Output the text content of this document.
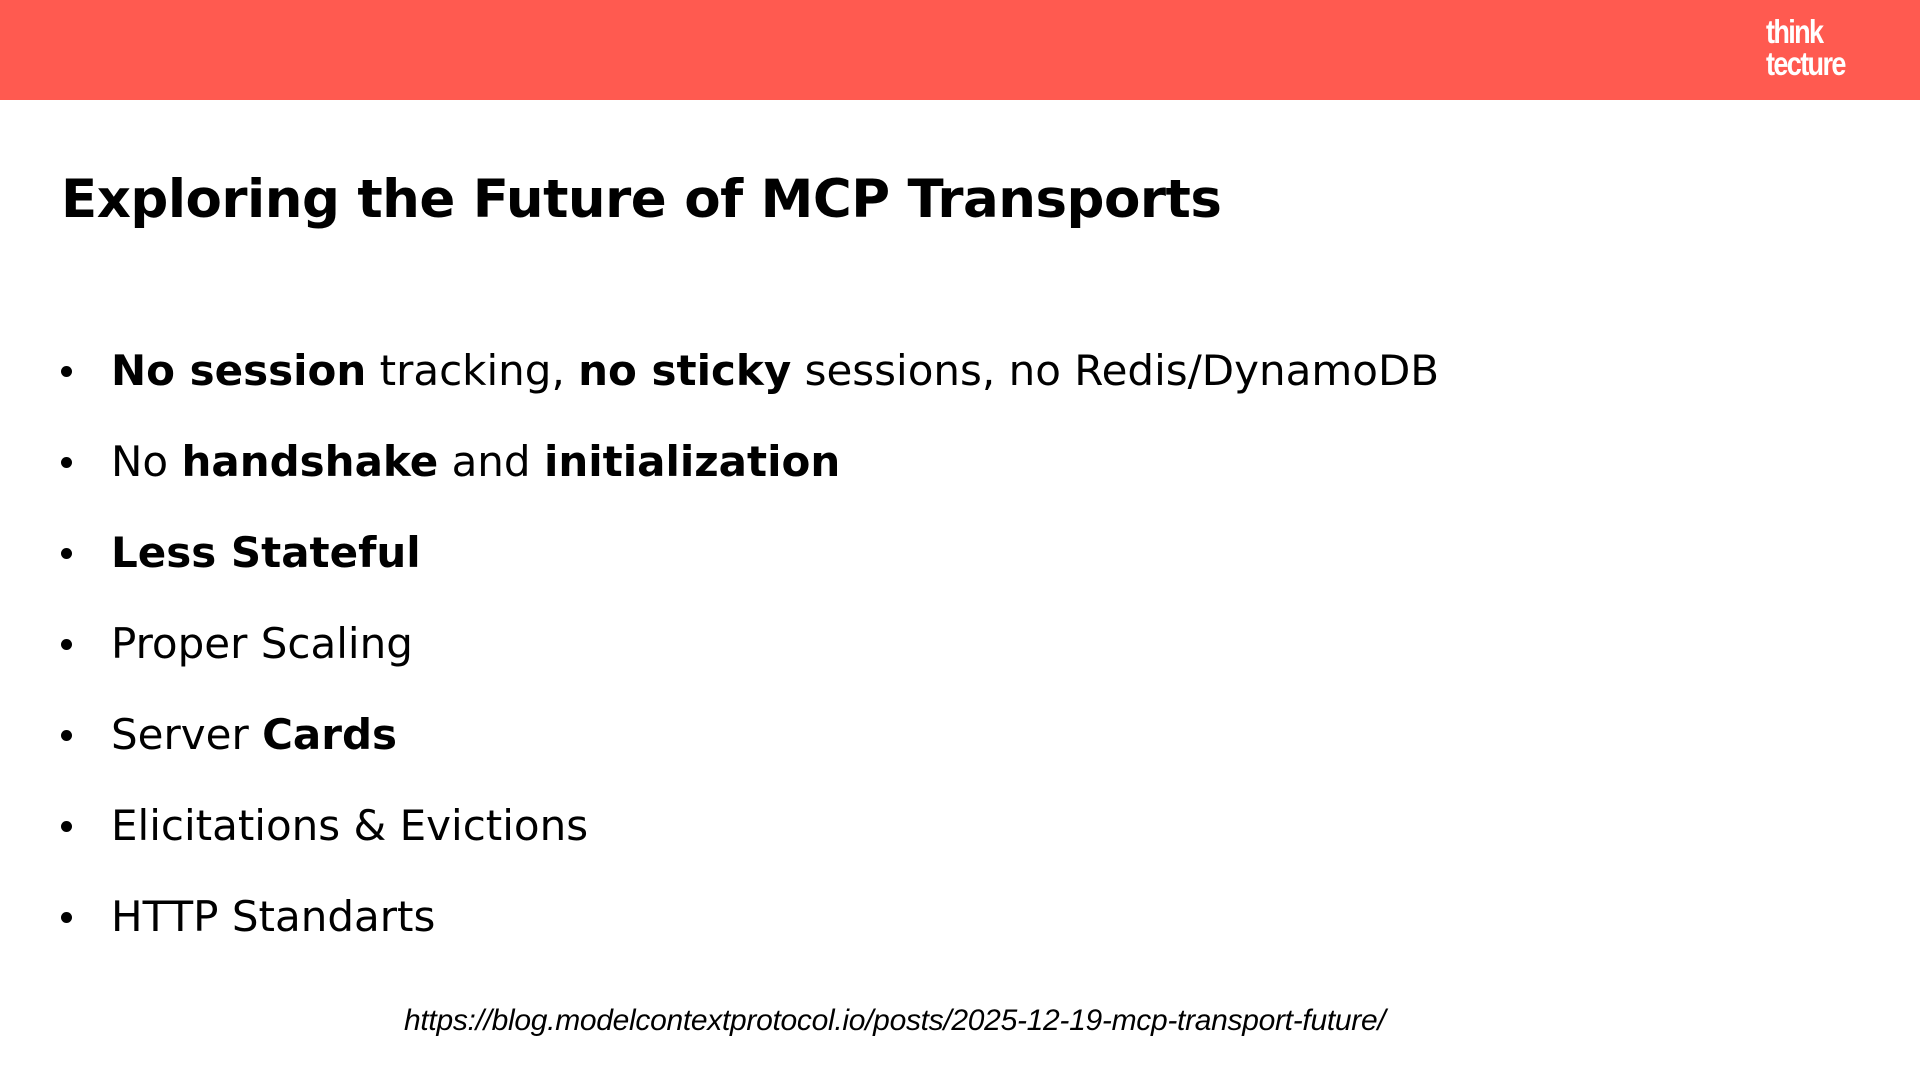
think
tecture
Exploring the Future of MCP Transports
No session tracking, no sticky sessions, no Redis/DynamoDB
No handshake and initialization
Less Stateful
Proper Scaling
Server Cards
Elicitations & Evictions
HTTP Standarts
https://blog.modelcontextprotocol.io/posts/2025-12-19-mcp-transport-future/
